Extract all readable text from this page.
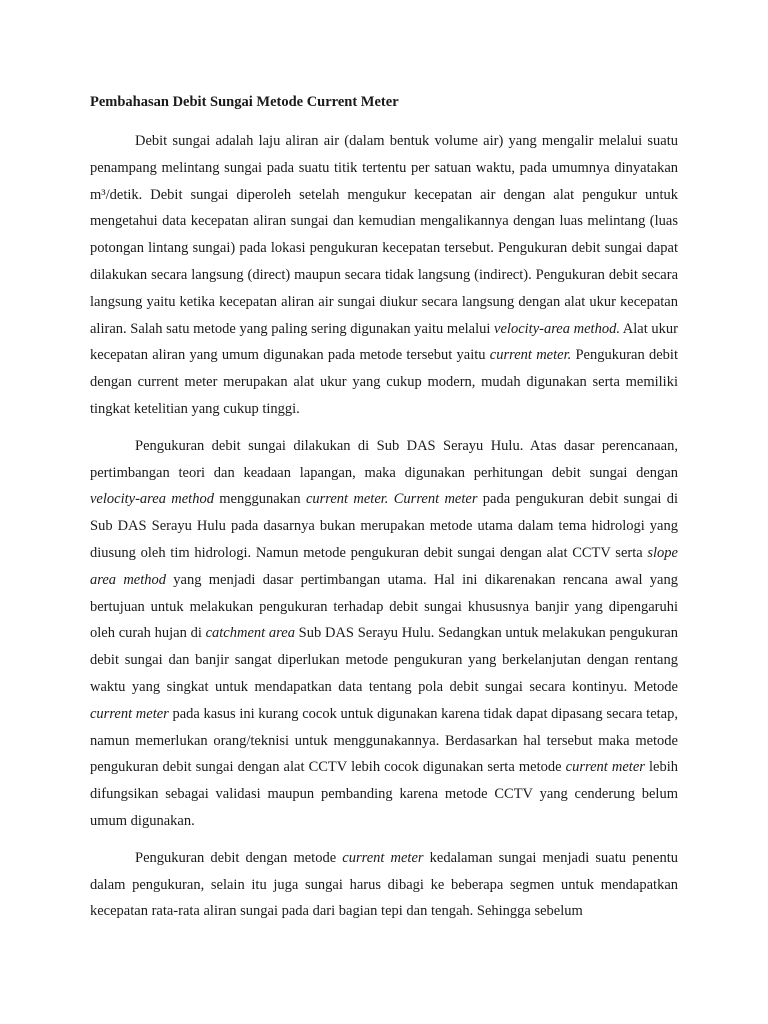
Pembahasan Debit Sungai Metode Current Meter

Debit sungai adalah laju aliran air (dalam bentuk volume air) yang mengalir melalui suatu penampang melintang sungai pada suatu titik tertentu per satuan waktu, pada umumnya dinyatakan m³/detik. Debit sungai diperoleh setelah mengukur kecepatan air dengan alat pengukur untuk mengetahui data kecepatan aliran sungai dan kemudian mengalikannya dengan luas melintang (luas potongan lintang sungai) pada lokasi pengukuran kecepatan tersebut. Pengukuran debit sungai dapat dilakukan secara langsung (direct) maupun secara tidak langsung (indirect). Pengukuran debit secara langsung yaitu ketika kecepatan aliran air sungai diukur secara langsung dengan alat ukur kecepatan aliran. Salah satu metode yang paling sering digunakan yaitu melalui velocity-area method. Alat ukur kecepatan aliran yang umum digunakan pada metode tersebut yaitu current meter. Pengukuran debit dengan current meter merupakan alat ukur yang cukup modern, mudah digunakan serta memiliki tingkat ketelitian yang cukup tinggi.

Pengukuran debit sungai dilakukan di Sub DAS Serayu Hulu. Atas dasar perencanaan, pertimbangan teori dan keadaan lapangan, maka digunakan perhitungan debit sungai dengan velocity-area method menggunakan current meter. Current meter pada pengukuran debit sungai di Sub DAS Serayu Hulu pada dasarnya bukan merupakan metode utama dalam tema hidrologi yang diusung oleh tim hidrologi. Namun metode pengukuran debit sungai dengan alat CCTV serta slope area method yang menjadi dasar pertimbangan utama. Hal ini dikarenakan rencana awal yang bertujuan untuk melakukan pengukuran terhadap debit sungai khususnya banjir yang dipengaruhi oleh curah hujan di catchment area Sub DAS Serayu Hulu. Sedangkan untuk melakukan pengukuran debit sungai dan banjir sangat diperlukan metode pengukuran yang berkelanjutan dengan rentang waktu yang singkat untuk mendapatkan data tentang pola debit sungai secara kontinyu. Metode current meter pada kasus ini kurang cocok untuk digunakan karena tidak dapat dipasang secara tetap, namun memerlukan orang/teknisi untuk menggunakannya. Berdasarkan hal tersebut maka metode pengukuran debit sungai dengan alat CCTV lebih cocok digunakan serta metode current meter lebih difungsikan sebagai validasi maupun pembanding karena metode CCTV yang cenderung belum umum digunakan.

Pengukuran debit dengan metode current meter kedalaman sungai menjadi suatu penentu dalam pengukuran, selain itu juga sungai harus dibagi ke beberapa segmen untuk mendapatkan kecepatan rata-rata aliran sungai pada dari bagian tepi dan tengah. Sehingga sebelum
